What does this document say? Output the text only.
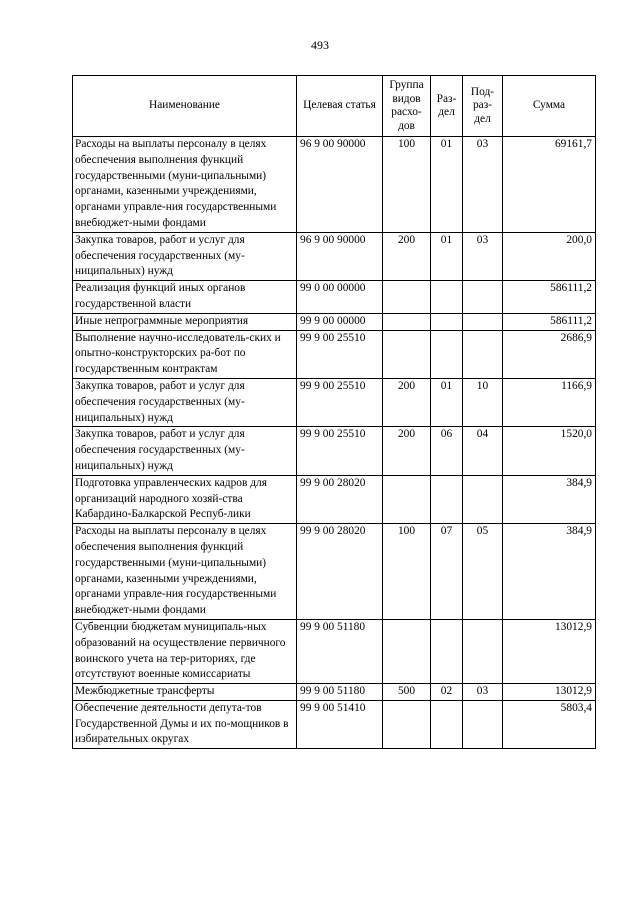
493
Наименование	Целевая статья	Группа видов расхо-дов	Раз-дел	Под-раз-дел	Сумма
Расходы на выплаты персоналу в целях обеспечения выполнения функций государственными (муни-ципальными) органами, казенными учреждениями, органами управле-ния государственными внебюджет-ными фондами	96 9 00 90000	100	01	03	69161,7
Закупка товаров, работ и услуг для обеспечения государственных (му-ниципальных) нужд	96 9 00 90000	200	01	03	200,0
Реализация функций иных органов государственной власти	99 0 00 00000				586111,2
Иные непрограммные мероприятия	99 9 00 00000				586111,2
Выполнение научно-исследователь-ских и опытно-конструкторских ра-бот по государственным контрактам	99 9 00 25510				2686,9
Закупка товаров, работ и услуг для обеспечения государственных (му-ниципальных) нужд	99 9 00 25510	200	01	10	1166,9
Закупка товаров, работ и услуг для обеспечения государственных (му-ниципальных) нужд	99 9 00 25510	200	06	04	1520,0
Подготовка управленческих кадров для организаций народного хозяй-ства Кабардино-Балкарской Респуб-лики	99 9 00 28020				384,9
Расходы на выплаты персоналу в целях обеспечения выполнения функций государственными (муни-ципальными) органами, казенными учреждениями, органами управле-ния государственными внебюджет-ными фондами	99 9 00 28020	100	07	05	384,9
Субвенции бюджетам муниципаль-ных образований на осуществление первичного воинского учета на тер-риториях, где отсутствуют военные комиссариаты	99 9 00 51180				13012,9
Межбюджетные трансферты	99 9 00 51180	500	02	03	13012,9
Обеспечение деятельности депута-тов Государственной Думы и их по-мощников в избирательных округах	99 9 00 51410				5803,4
